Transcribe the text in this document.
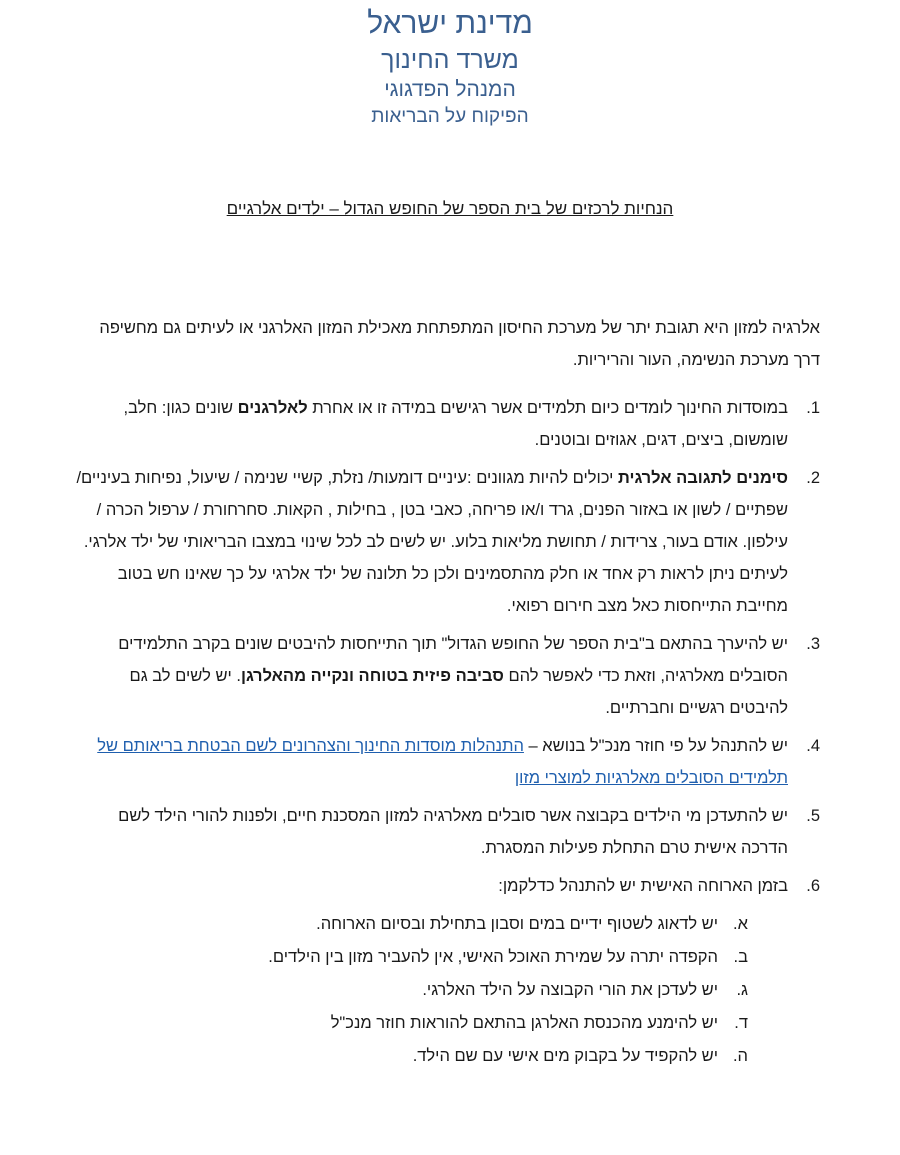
מדינת ישראל
משרד החינוך
המנהל הפדגוגי
הפיקוח על הבריאות
הנחיות לרכזים של בית הספר של החופש הגדול – ילדים אלרגיים

אלרגיה למזון היא תגובת יתר של מערכת החיסון המתפתחת מאכילת המזון האלרגני או לעיתים גם מחשיפה דרך מערכת הנשימה, העור והריריות.

1.
במוסדות החינוך לומדים כיום תלמידים אשר רגישים במידה זו או אחרת לאלרגנים שונים כגון: חלב, שומשום, ביצים, דגים, אגוזים ובוטנים.
2.
סימנים לתגובה אלרגית יכולים להיות מגוונים :עיניים דומעות/ נזלת, קשיי שנימה / שיעול, נפיחות בעיניים/ שפתיים / לשון או באזור הפנים, גרד ו/או פריחה, כאבי בטן , בחילות , הקאות. סחרחורת / ערפול הכרה / עילפון. אודם בעור, צרידות / תחושת מליאות בלוע. יש לשים לב לכל שינוי במצבו הבריאותי של ילד אלרגי. לעיתים ניתן לראות רק אחד או חלק מהתסמינים ולכן כל תלונה של ילד אלרגי על כך שאינו חש בטוב מחייבת התייחסות כאל מצב חירום רפואי.
3.
יש להיערך בהתאם ב"בית הספר של החופש הגדול" תוך התייחסות להיבטים שונים בקרב התלמידים הסובלים מאלרגיה, וזאת כדי לאפשר להם סביבה פיזית בטוחה ונקייה מהאלרגן. יש לשים לב גם להיבטים רגשיים וחברתיים.
4.
יש להתנהל על פי חוזר מנכ"ל בנושא – התנהלות מוסדות החינוך והצהרונים לשם הבטחת בריאותם של תלמידים הסובלים מאלרגיות למוצרי מזון
5.
יש להתעדכן מי הילדים בקבוצה אשר סובלים מאלרגיה למזון המסכנת חיים, ולפנות להורי הילד לשם הדרכה אישית טרם התחלת פעילות המסגרת.
6.
בזמן הארוחה האישית יש להתנהל כדלקמן:
א.
יש לדאוג לשטוף ידיים במים וסבון בתחילת ובסיום הארוחה.
ב.
הקפדה יתרה על שמירת האוכל האישי, אין להעביר מזון בין הילדים.
ג.
יש לעדכן את הורי הקבוצה על הילד האלרגי.
ד.
יש להימנע מהכנסת האלרגן בהתאם להוראות חוזר מנכ"ל
ה.
יש להקפיד על בקבוק מים אישי עם שם הילד.
